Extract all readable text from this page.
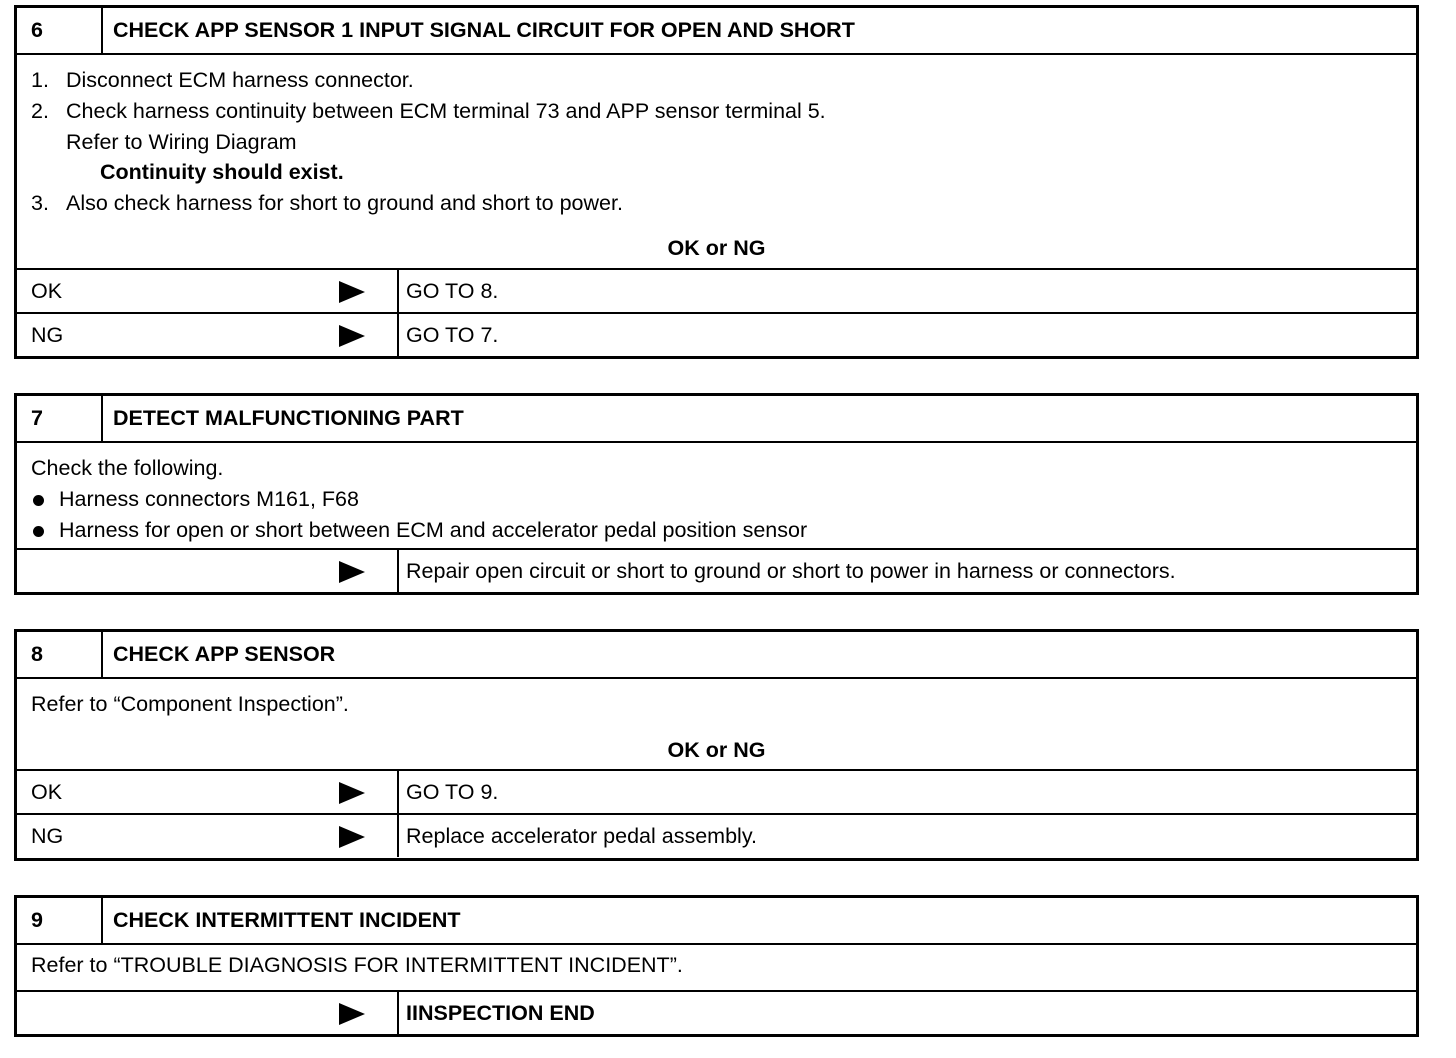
6	CHECK APP SENSOR 1 INPUT SIGNAL CIRCUIT FOR OPEN AND SHORT
1. Disconnect ECM harness connector.
2. Check harness continuity between ECM terminal 73 and APP sensor terminal 5.
Refer to Wiring Diagram
Continuity should exist.
3. Also check harness for short to ground and short to power.
OK or NG
OK	GO TO 8.
NG	GO TO 7.
7	DETECT MALFUNCTIONING PART
Check the following.
Harness connectors M161, F68
Harness for open or short between ECM and accelerator pedal position sensor
Repair open circuit or short to ground or short to power in harness or connectors.
8	CHECK APP SENSOR
Refer to “Component Inspection”.
OK or NG
OK	GO TO 9.
NG	Replace accelerator pedal assembly.
9	CHECK INTERMITTENT INCIDENT
Refer to “TROUBLE DIAGNOSIS FOR INTERMITTENT INCIDENT”.
IINSPECTION END
